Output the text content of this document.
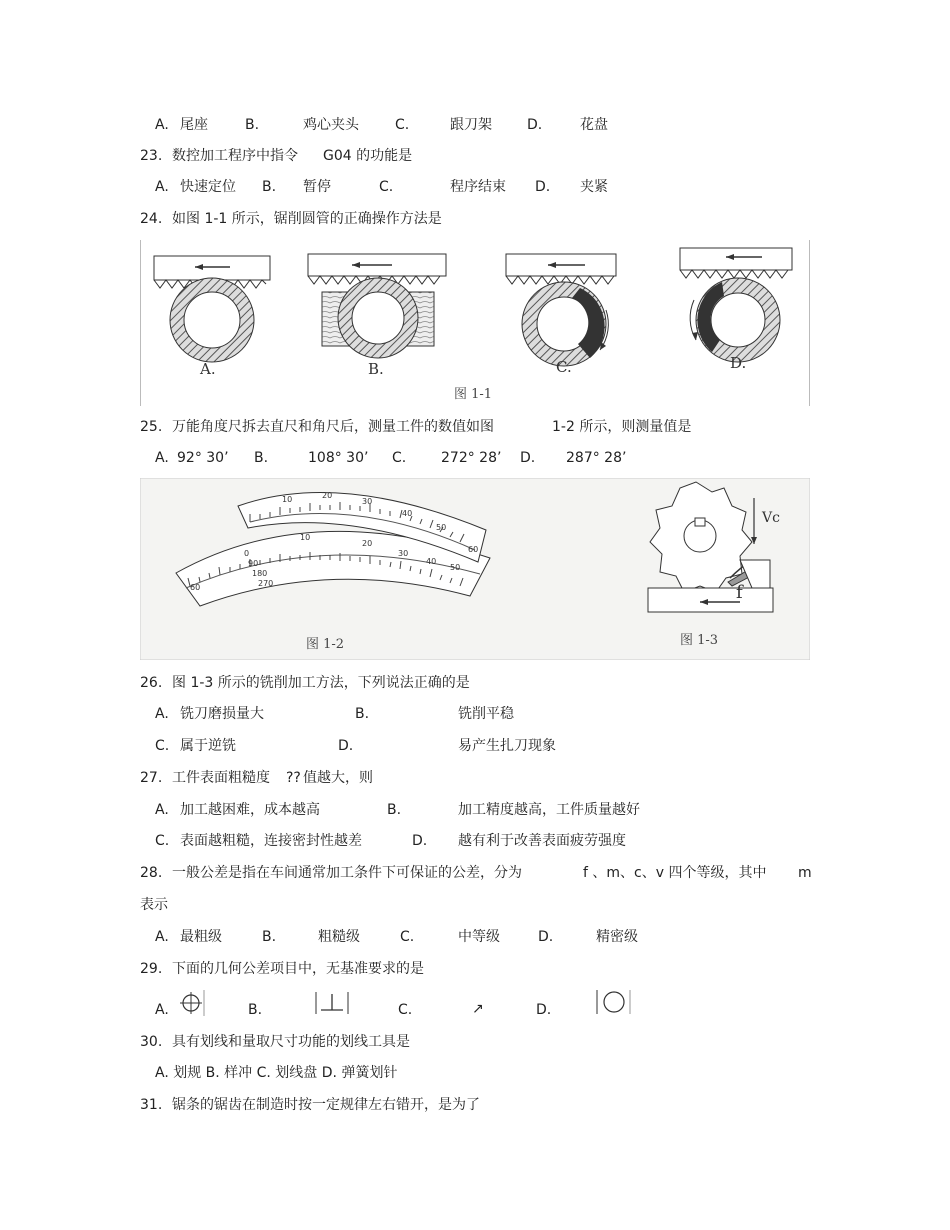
A. 尾座	B.	鸡心夹头	C.	跟刀架	D.	花盘
23. 数控加工程序中指令 G04 的功能是
A. 快速定位 B. 暂停	C.	程序结束 D. 夹紧
24. 如图 1-1 所示，锯削圆管的正确操作方法是
A.	B.	C.	D.
图 1-1
25. 万能角度尺拆去直尺和角尺后，测量工件的数值如图	1-2 所示，则测量值是
A. 92° 30’ B.	108° 30’ C. 272° 28’ D. 287° 28’
10	20
30
40
50
60
10
20
30
40
50
0
90
180
270
60
图 1-2
Vc
f
图 1-3
26. 图 1-3 所示的铣削加工方法，下列说法正确的是
A. 铣刀磨损量大	B.	铣削平稳
C. 属于逆铣	D.	易产生扎刀现象
27. 工件表面粗糙度 ?? 值越大，则
A. 加工越困难，成本越高	B.	加工精度越高，工件质量越好
C. 表面越粗糙，连接密封性越差	D. 越有利于改善表面疲劳强度
28. 一般公差是指在车间通常加工条件下可保证的公差，分为	f 、m、c、v 四个等级，其中 m
表示
A. 最粗级	B.	粗糙级	C.	中等级	D.	精密级
29. 下面的几何公差项目中，无基准要求的是
A.	B.	C.	↗	D.
30. 具有划线和量取尺寸功能的划线工具是
A. 划规 B. 样冲 C. 划线盘 D. 弹簧划针
31. 锯条的锯齿在制造时按一定规律左右错开，是为了
